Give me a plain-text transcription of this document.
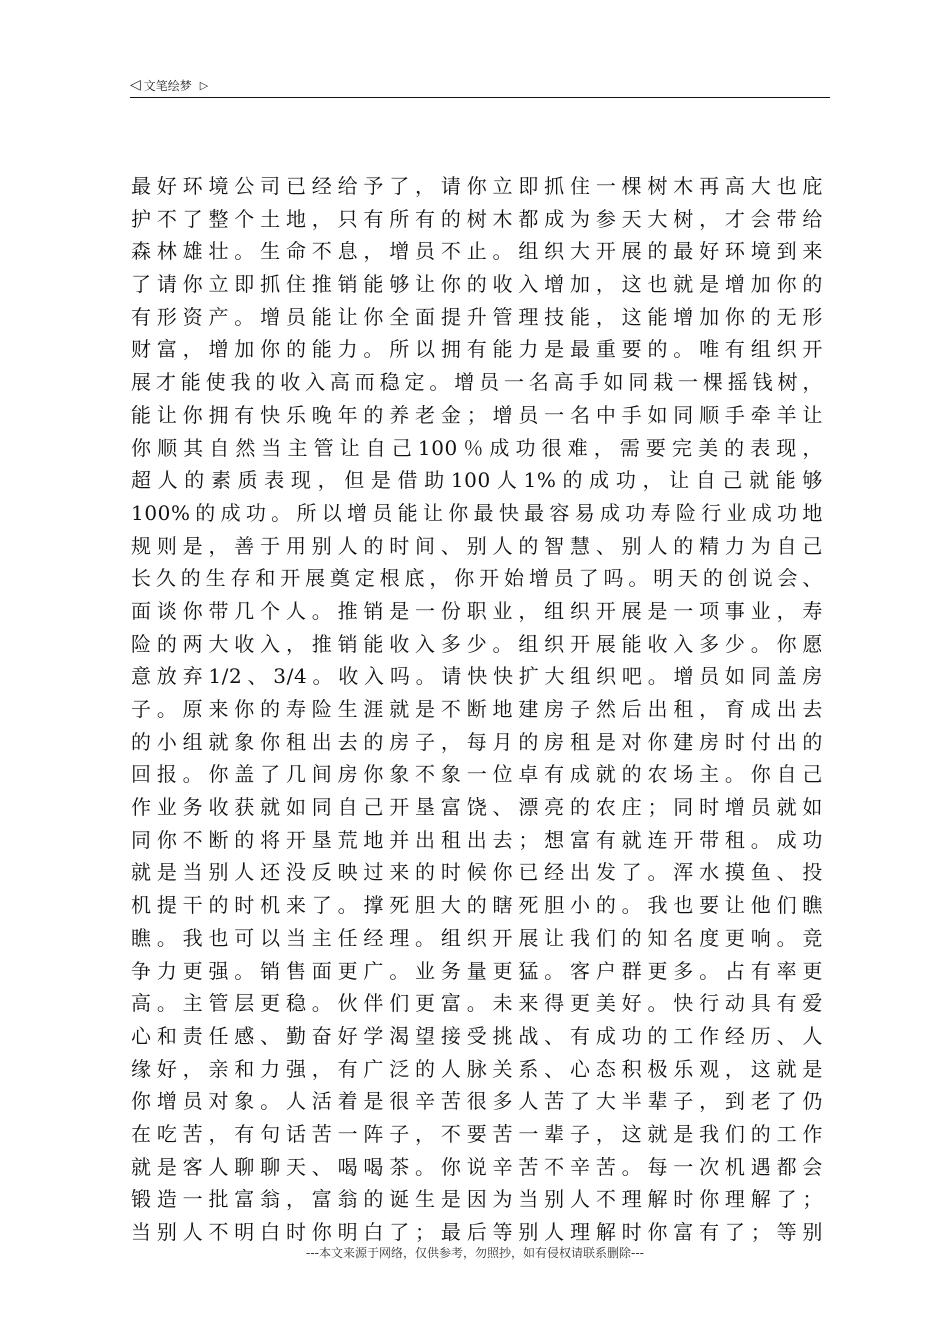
◁ 文笔绘梦 ▷
最好环境公司已经给予了，请你立即抓住一棵树木再高大也庇
护不了整个土地，只有所有的树木都成为参天大树，才会带给
森林雄壮。生命不息，增员不止。组织大开展的最好环境到来
了请你立即抓住推销能够让你的收入增加，这也就是增加你的
有形资产。增员能让你全面提升管理技能，这能增加你的无形
财富，增加你的能力。所以拥有能力是最重要的。唯有组织开
展才能使我的收入高而稳定。增员一名高手如同栽一棵摇钱树，
能让你拥有快乐晚年的养老金；增员一名中手如同顺手牵羊让
你顺其自然当主管让自己100％成功很难，需要完美的表现，
超人的素质表现，但是借助100人1%的成功，让自己就能够
100%的成功。所以增员能让你最快最容易成功寿险行业成功地
规则是，善于用别人的时间、别人的智慧、别人的精力为自己
长久的生存和开展奠定根底，你开始增员了吗。明天的创说会、
面谈你带几个人。推销是一份职业，组织开展是一项事业，寿
险的两大收入，推销能收入多少。组织开展能收入多少。你愿
意放弃1/2、3/4。收入吗。请快快扩大组织吧。增员如同盖房
子。原来你的寿险生涯就是不断地建房子然后出租，育成出去
的小组就象你租出去的房子，每月的房租是对你建房时付出的
回报。你盖了几间房你象不象一位卓有成就的农场主。你自己
作业务收获就如同自己开垦富饶、漂亮的农庄；同时增员就如
同你不断的将开垦荒地并出租出去；想富有就连开带租。成功
就是当别人还没反映过来的时候你已经出发了。浑水摸鱼、投
机提干的时机来了。撑死胆大的瞎死胆小的。我也要让他们瞧
瞧。我也可以当主任经理。组织开展让我们的知名度更响。竞
争力更强。销售面更广。业务量更猛。客户群更多。占有率更
高。主管层更稳。伙伴们更富。未来得更美好。快行动具有爱
心和责任感、勤奋好学渴望接受挑战、有成功的工作经历、人
缘好，亲和力强，有广泛的人脉关系、心态积极乐观，这就是
你增员对象。人活着是很辛苦很多人苦了大半辈子，到老了仍
在吃苦，有句话苦一阵子，不要苦一辈子，这就是我们的工作
就是客人聊聊天、喝喝茶。你说辛苦不辛苦。每一次机遇都会
锻造一批富翁，富翁的诞生是因为当别人不理解时你理解了；
当别人不明白时你明白了；最后等别人理解时你富有了；等别
---本文来源于网络，仅供参考，勿照抄，如有侵权请联系删除---
